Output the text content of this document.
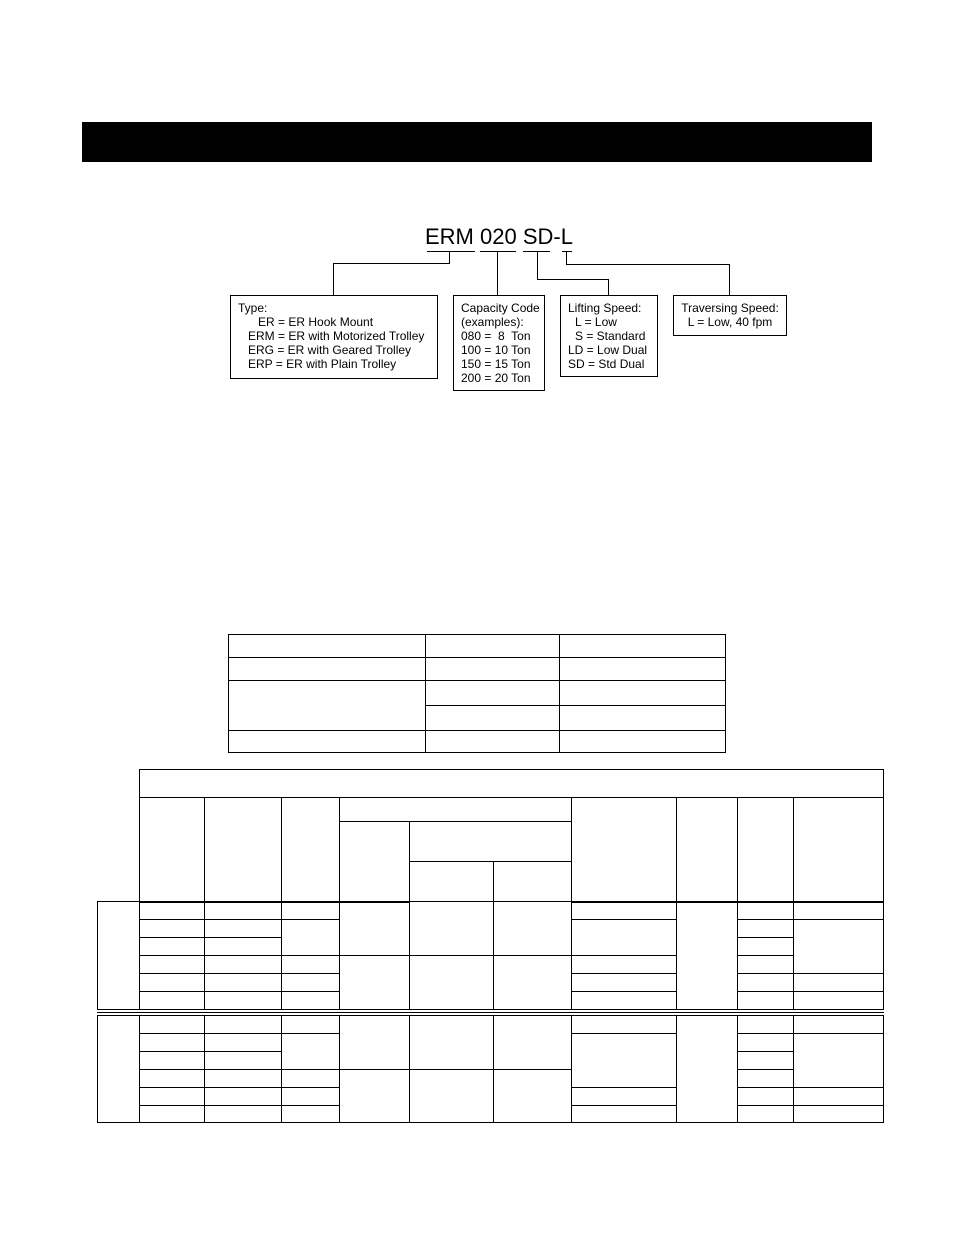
ERM 020 SD-L
Type:
ER = ER Hook Mount
ERM = ER with Motorized Trolley
ERG = ER with Geared Trolley
ERP = ER with Plain Trolley
Capacity Code
(examples):
080 =  8  Ton
100 = 10 Ton
150 = 15 Ton
200 = 20 Ton
Lifting Speed:
L = Low
S = Standard
LD = Low Dual
SD = Std Dual
Traversing Speed:
L = Low, 40 fpm
